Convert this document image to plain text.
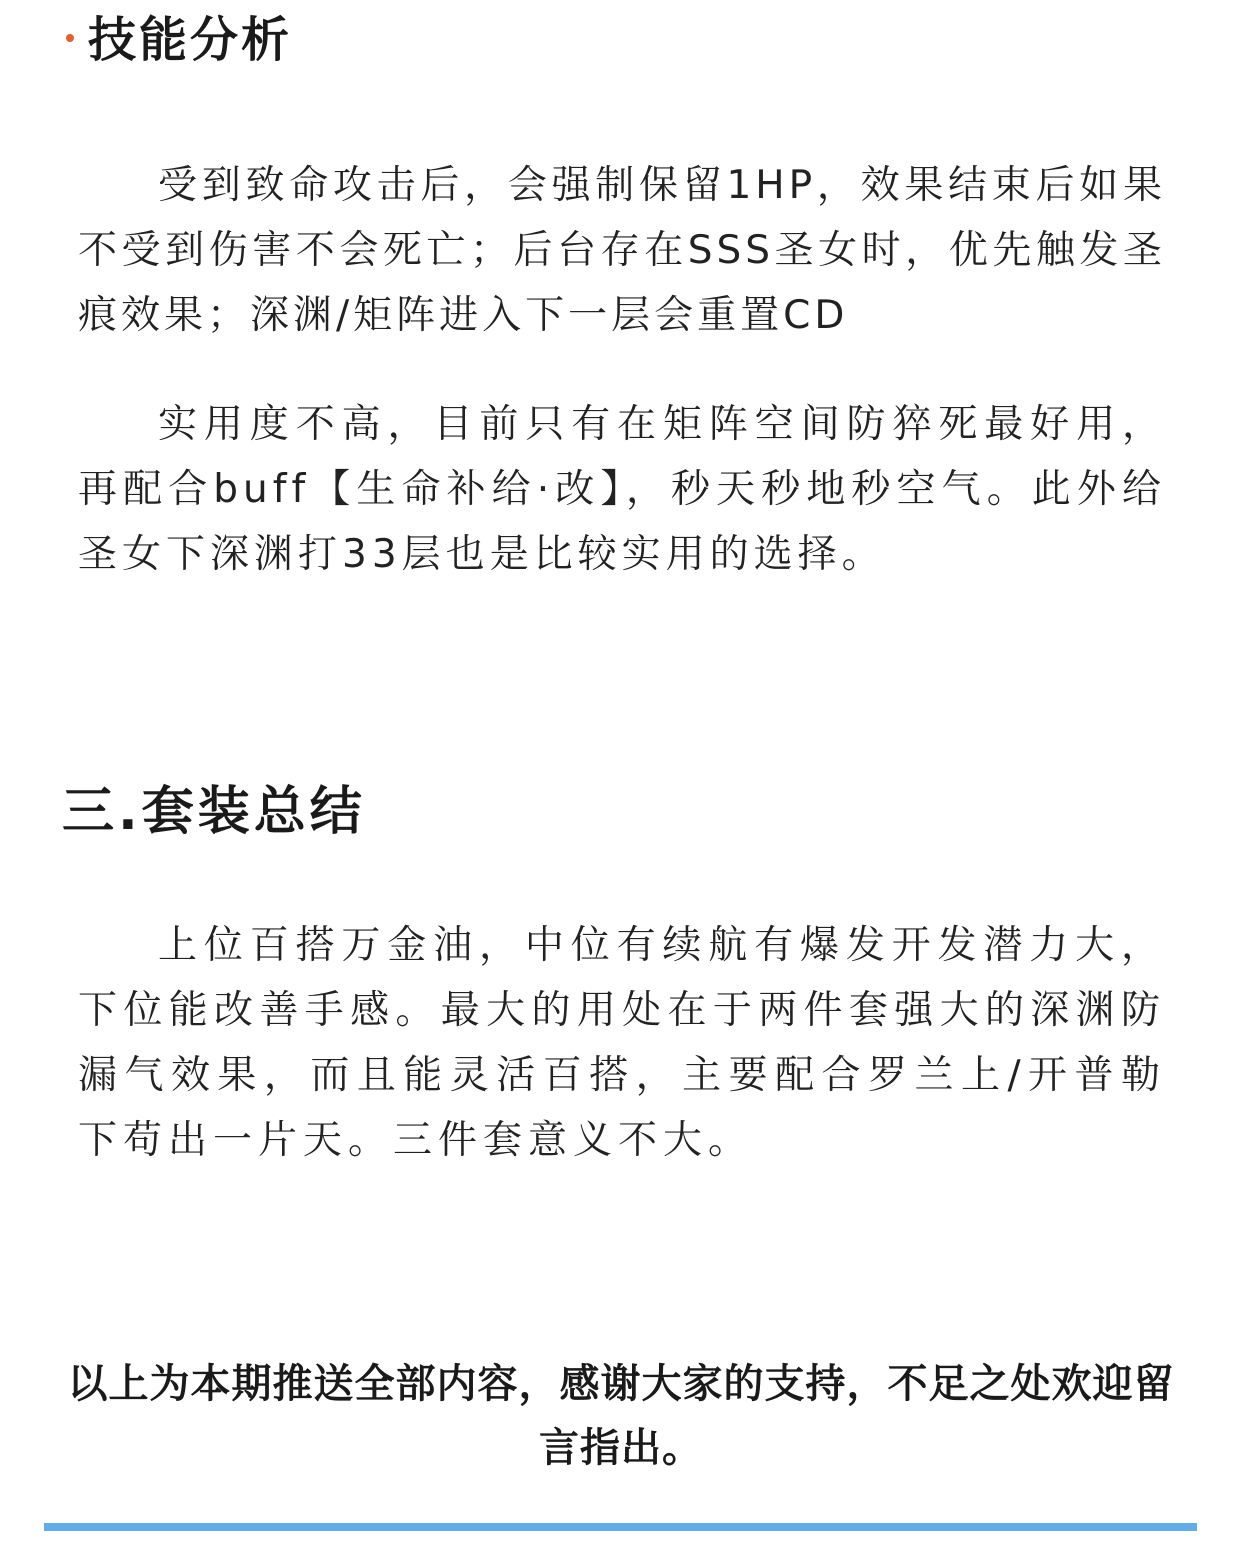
技能分析

受到致命攻击后，会强制保留1HP，效果结束后如果不受到伤害不会死亡；后台存在SSS圣女时，优先触发圣痕效果；深渊/矩阵进入下一层会重置CD

实用度不高，目前只有在矩阵空间防猝死最好用，再配合buff【生命补给·改】，秒天秒地秒空气。此外给圣女下深渊打33层也是比较实用的选择。

三.套装总结

上位百搭万金油，中位有续航有爆发开发潜力大，下位能改善手感。最大的用处在于两件套强大的深渊防漏气效果，而且能灵活百搭，主要配合罗兰上/开普勒下苟出一片天。三件套意义不大。

以上为本期推送全部内容，感谢大家的支持，不足之处欢迎留言指出。
